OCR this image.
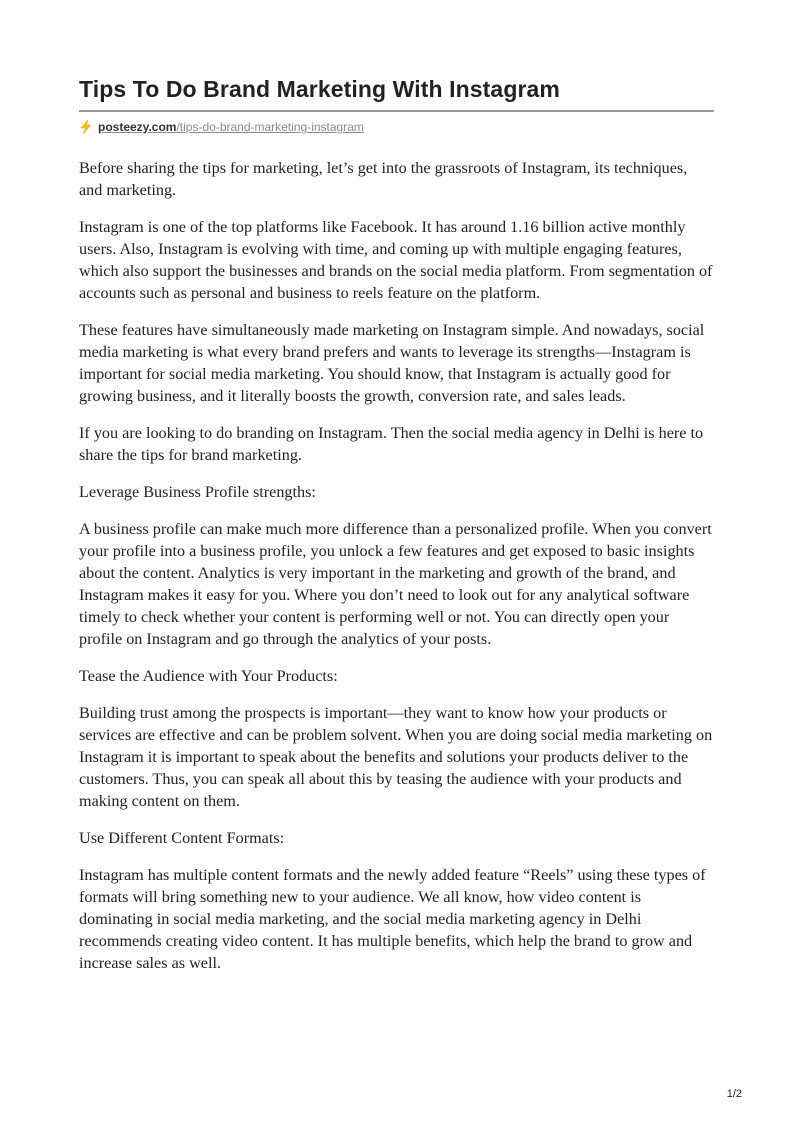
Tips To Do Brand Marketing With Instagram
posteezy.com/tips-do-brand-marketing-instagram

Before sharing the tips for marketing, let’s get into the grassroots of Instagram, its techniques, and marketing.

Instagram is one of the top platforms like Facebook. It has around 1.16 billion active monthly users. Also, Instagram is evolving with time, and coming up with multiple engaging features, which also support the businesses and brands on the social media platform. From segmentation of accounts such as personal and business to reels feature on the platform.

These features have simultaneously made marketing on Instagram simple. And nowadays, social media marketing is what every brand prefers and wants to leverage its strengths—Instagram is important for social media marketing. You should know, that Instagram is actually good for growing business, and it literally boosts the growth, conversion rate, and sales leads.

If you are looking to do branding on Instagram. Then the social media agency in Delhi is here to share the tips for brand marketing.

Leverage Business Profile strengths:

A business profile can make much more difference than a personalized profile. When you convert your profile into a business profile, you unlock a few features and get exposed to basic insights about the content. Analytics is very important in the marketing and growth of the brand, and Instagram makes it easy for you. Where you don’t need to look out for any analytical software timely to check whether your content is performing well or not. You can directly open your profile on Instagram and go through the analytics of your posts.

Tease the Audience with Your Products:

Building trust among the prospects is important—they want to know how your products or services are effective and can be problem solvent. When you are doing social media marketing on Instagram it is important to speak about the benefits and solutions your products deliver to the customers. Thus, you can speak all about this by teasing the audience with your products and making content on them.

Use Different Content Formats:

Instagram has multiple content formats and the newly added feature “Reels” using these types of formats will bring something new to your audience. We all know, how video content is dominating in social media marketing, and the social media marketing agency in Delhi recommends creating video content. It has multiple benefits, which help the brand to grow and increase sales as well.

1/2
